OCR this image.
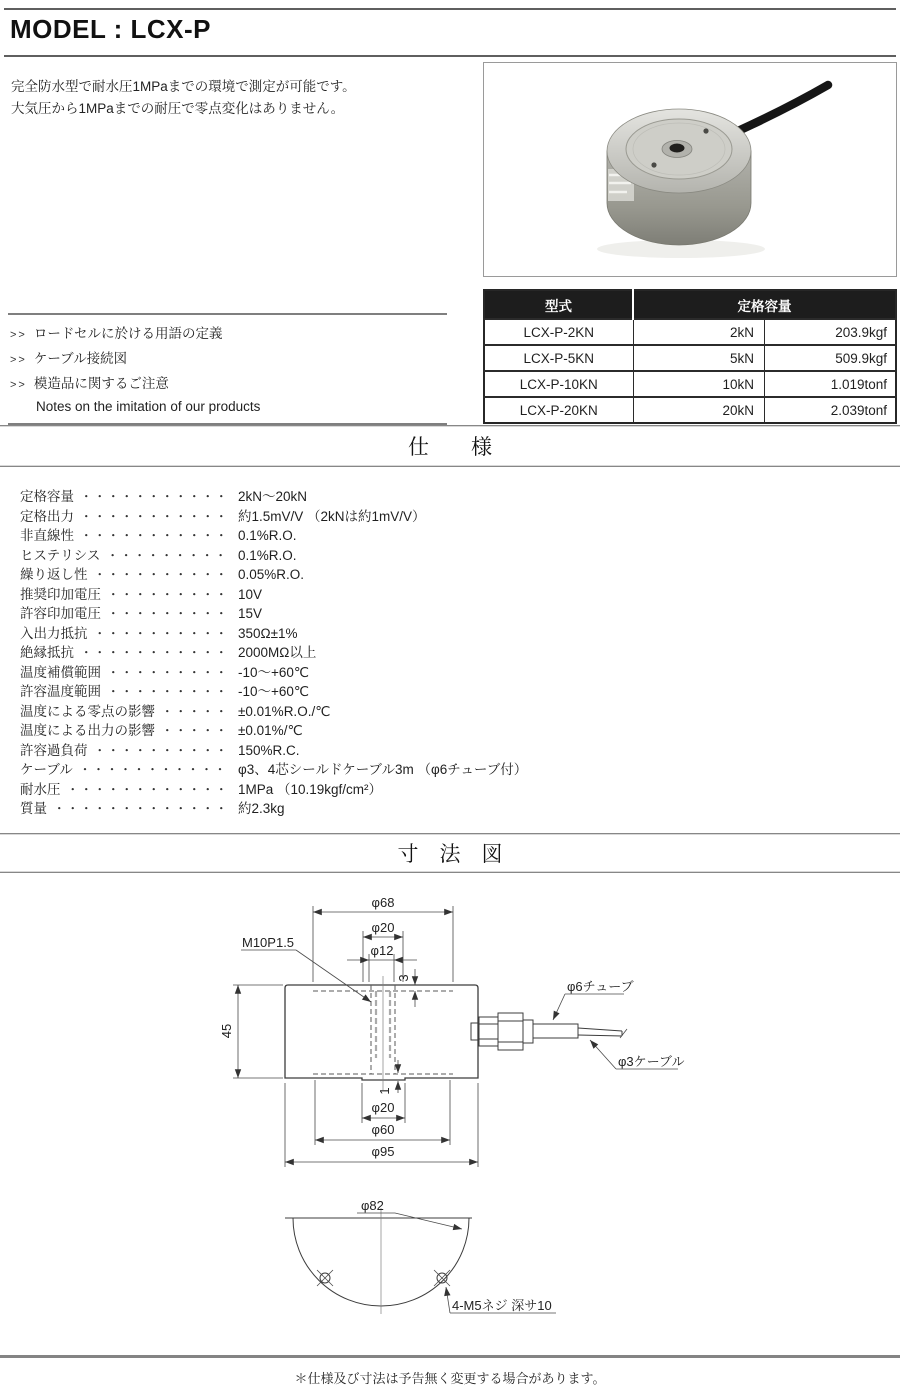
MODEL : LCX-P
完全防水型で耐水圧1MPaまでの環境で測定が可能です。
大気圧から1MPaまでの耐圧で零点変化はありません。
>> ロードセルに於ける用語の定義
>> ケーブル接続図
>> 模造品に関するご注意
Notes on the imitation of our products
型式	定格容量	
LCX-P-2KN	2kN	203.9kgf
LCX-P-5KN	5kN	509.9kgf
LCX-P-10KN	10kN	1.019tonf
LCX-P-20KN	20kN	2.039tonf
仕　　様
定格容量 ・・・・・・・・・・・ 2kN～20kN
定格出力 ・・・・・・・・・・・ 約1.5mV/V （2kNは約1mV/V）
非直線性 ・・・・・・・・・・・ 0.1%R.O.
ヒステリシス ・・・・・・・・・ 0.1%R.O.
繰り返し性 ・・・・・・・・・・ 0.05%R.O.
推奨印加電圧 ・・・・・・・・・ 10V
許容印加電圧 ・・・・・・・・・ 15V
入出力抵抗 ・・・・・・・・・・ 350Ω±1%
絶縁抵抗 ・・・・・・・・・・・ 2000MΩ以上
温度補償範囲 ・・・・・・・・・ -10～+60℃
許容温度範囲 ・・・・・・・・・ -10～+60℃
温度による零点の影響 ・・・・・ ±0.01%R.O./℃
温度による出力の影響 ・・・・・ ±0.01%/℃
許容過負荷 ・・・・・・・・・・ 150%R.C.
ケーブル ・・・・・・・・・・・ φ3、4芯シールドケーブル3m （φ6チューブ付）
耐水圧 ・・・・・・・・・・・・ 1MPa （10.19kgf/cm²）
質量 ・・・・・・・・・・・・・ 約2.3kg
寸　法　図
φ68
φ20
φ12
3
M10P1.5
45
1
φ20
φ60
φ95
φ6チューブ
φ3ケーブル
φ82
4-M5ネジ 深サ10
＊仕様及び寸法は予告無く変更する場合があります。
